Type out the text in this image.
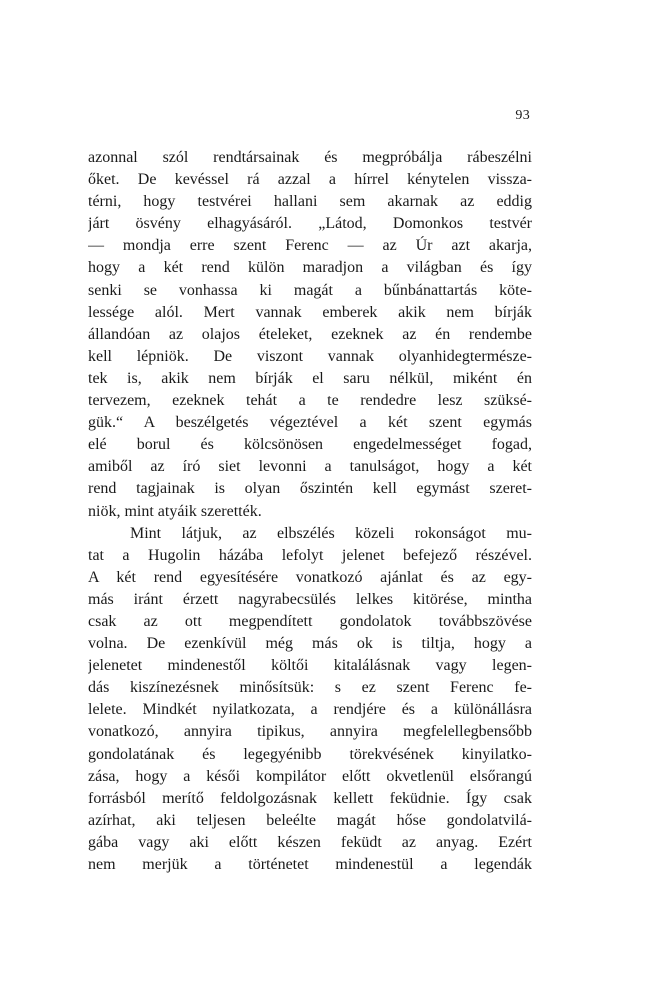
93
azonnal szól rendtársainak és megpróbálja rábeszélni
őket. De kevéssel rá azzal a hírrel kénytelen vissza-
térni, hogy testvérei hallani sem akarnak az eddig
járt ösvény elhagyásáról. „Látod, Domonkos testvér
— mondja erre szent Ferenc — az Úr azt akarja,
hogy a két rend külön maradjon a világban és így
senki se vonhassa ki magát a bűnbánattartás köte-
lessége alól. Mert vannak emberek akik nem bírják
állandóan az olajos ételeket, ezeknek az én rendembe
kell lépniök. De viszont vannak olyanhidegtermésze-
tek is, akik nem bírják el saru nélkül, miként én
tervezem, ezeknek tehát a te rendedre lesz szüksé-
gük.“ A beszélgetés végeztével a két szent egymás
elé borul és kölcsönösen engedelmességet fogad,
amiből az író siet levonni a tanulságot, hogy a két
rend tagjainak is olyan őszintén kell egymást szeret-
niök, mint atyáik szerették.
Mint látjuk, az elbszélés közeli rokonságot mu-
tat a Hugolin házába lefolyt jelenet befejező részével.
A két rend egyesítésére vonatkozó ajánlat és az egy-
más iránt érzett nagyrabecsülés lelkes kitörése, mintha
csak az ott megpendített gondolatok továbbszövése
volna. De ezenkívül még más ok is tiltja, hogy a
jelenetet mindenestől költői kitalálásnak vagy legen-
dás kiszínezésnek minősítsük: s ez szent Ferenc fe-
lelete. Mindkét nyilatkozata, a rendjére és a különállásra
vonatkozó, annyira tipikus, annyira megfelellegbensőbb
gondolatának és legegyénibb törekvésének kinyilatko-
zása, hogy a késői kompilátor előtt okvetlenül elsőrangú
forrásból merítő feldolgozásnak kellett feküdnie. Így csak
azírhat, aki teljesen beleélte magát hőse gondolatvilá-
gába vagy aki előtt készen feküdt az anyag. Ezért
nem merjük a történetet mindenestül a legendák
